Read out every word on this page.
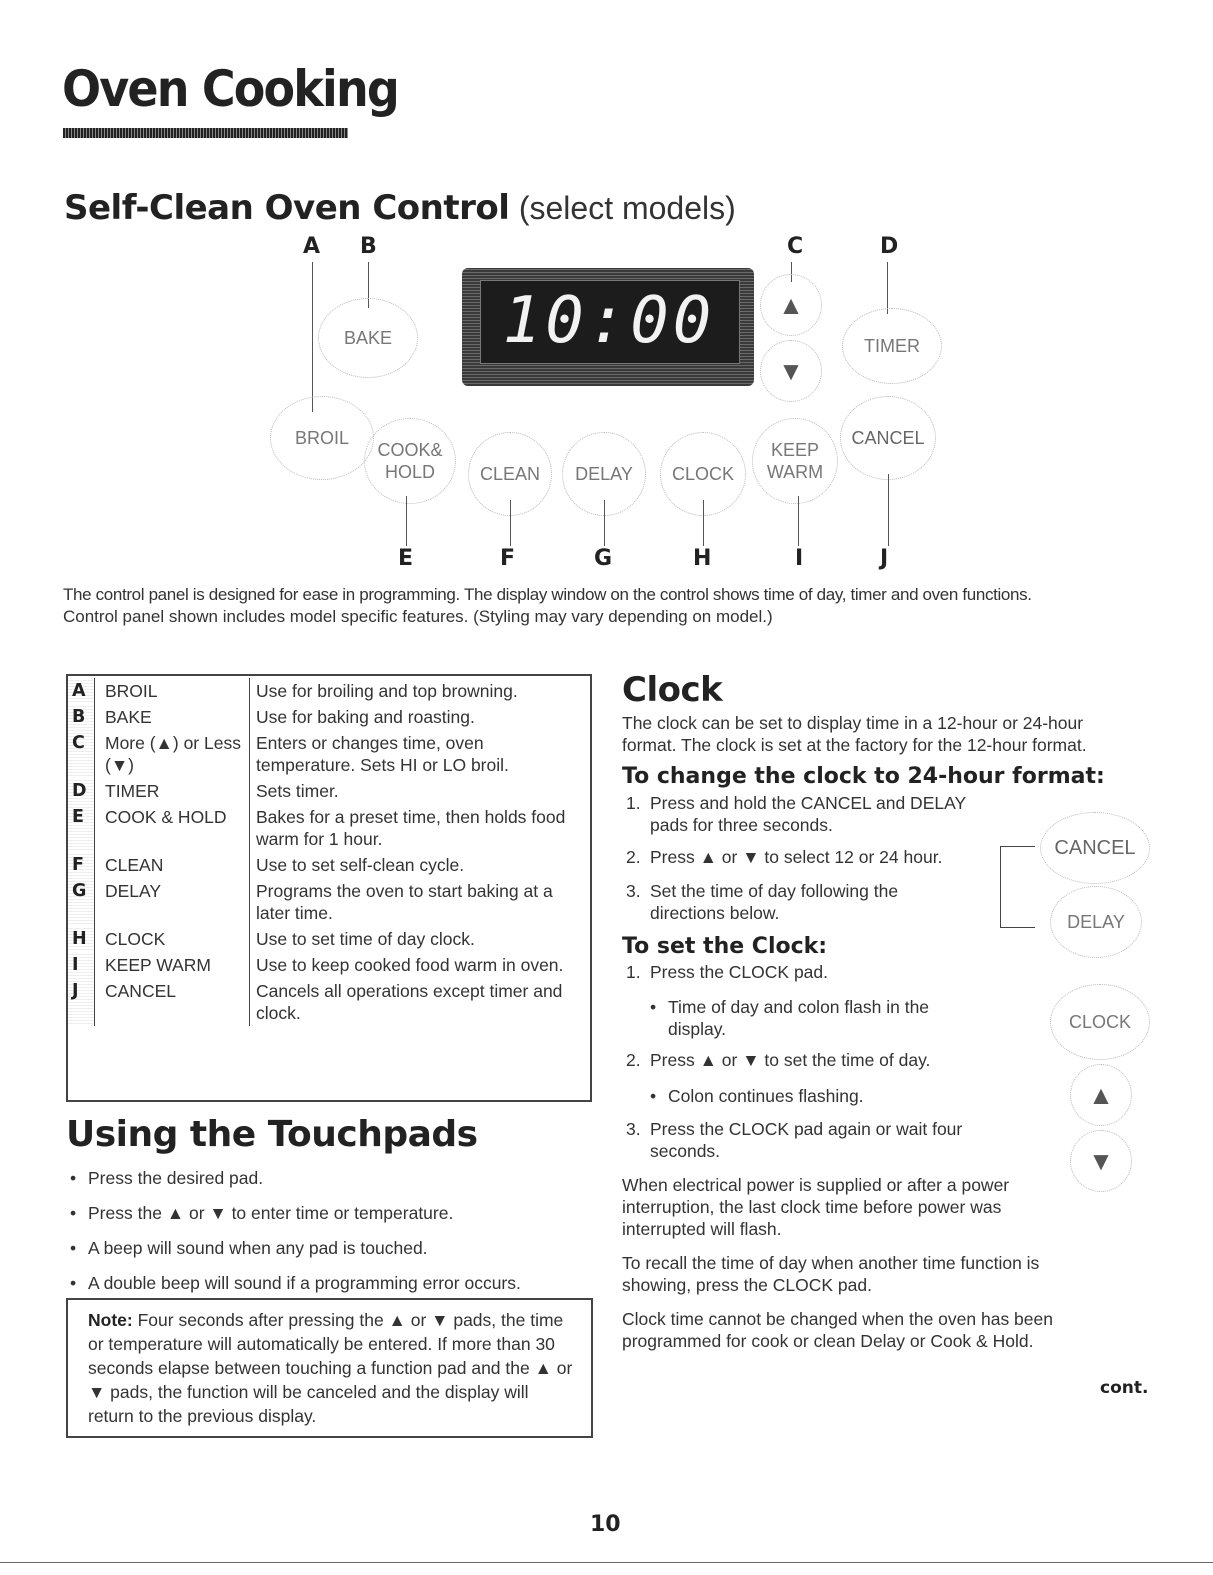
Oven Cooking
Self-Clean Oven Control (select models)
A B	C	D
BAKE	TIMER
10:00	▲
▼
BROIL
COOK&
HOLD CLEAN DELAY CLOCK
KEEP
WARM
CANCEL
E	F	G	H	I	J
The control panel is designed for ease in programming. The display window on the control shows time of day, timer and oven functions.
Control panel shown includes model specific features. (Styling may vary depending on model.)
A	BROIL	Use for broiling and top browning.
B	BAKE	Use for baking and roasting.
C	More (▲) or Less (▼)	Enters or changes time, oven temperature. Sets HI or LO broil.
D	TIMER	Sets timer.
E	COOK & HOLD	Bakes for a preset time, then holds food warm for 1 hour.
F	CLEAN	Use to set self-clean cycle.
G	DELAY	Programs the oven to start baking at a later time.
H	CLOCK	Use to set time of day clock.
I	KEEP WARM	Use to keep cooked food warm in oven.
J	CANCEL	Cancels all operations except timer and clock.
Using the Touchpads
• Press the desired pad.
• Press the ▲ or ▼ to enter time or temperature.
• A beep will sound when any pad is touched.
• A double beep will sound if a programming error occurs.
Note: Four seconds after pressing the ▲ or ▼ pads, the time or temperature will automatically be entered. If more than 30 seconds elapse between touching a function pad and the ▲ or ▼ pads, the function will be canceled and the display will return to the previous display.
Clock
The clock can be set to display time in a 12-hour or 24-hour format. The clock is set at the factory for the 12-hour format.
To change the clock to 24-hour format:
1. Press and hold the CANCEL and DELAY pads for three seconds.
2. Press ▲ or ▼ to select 12 or 24 hour.
3. Set the time of day following the directions below.
CANCEL
DELAY
To set the Clock:
1. Press the CLOCK pad.
• Time of day and colon flash in the display.
2. Press ▲ or ▼ to set the time of day.
• Colon continues flashing.
3. Press the CLOCK pad again or wait four seconds.
CLOCK
▲
▼
When electrical power is supplied or after a power interruption, the last clock time before power was interrupted will flash.
To recall the time of day when another time function is showing, press the CLOCK pad.
Clock time cannot be changed when the oven has been programmed for cook or clean Delay or Cook & Hold.
cont.
10
